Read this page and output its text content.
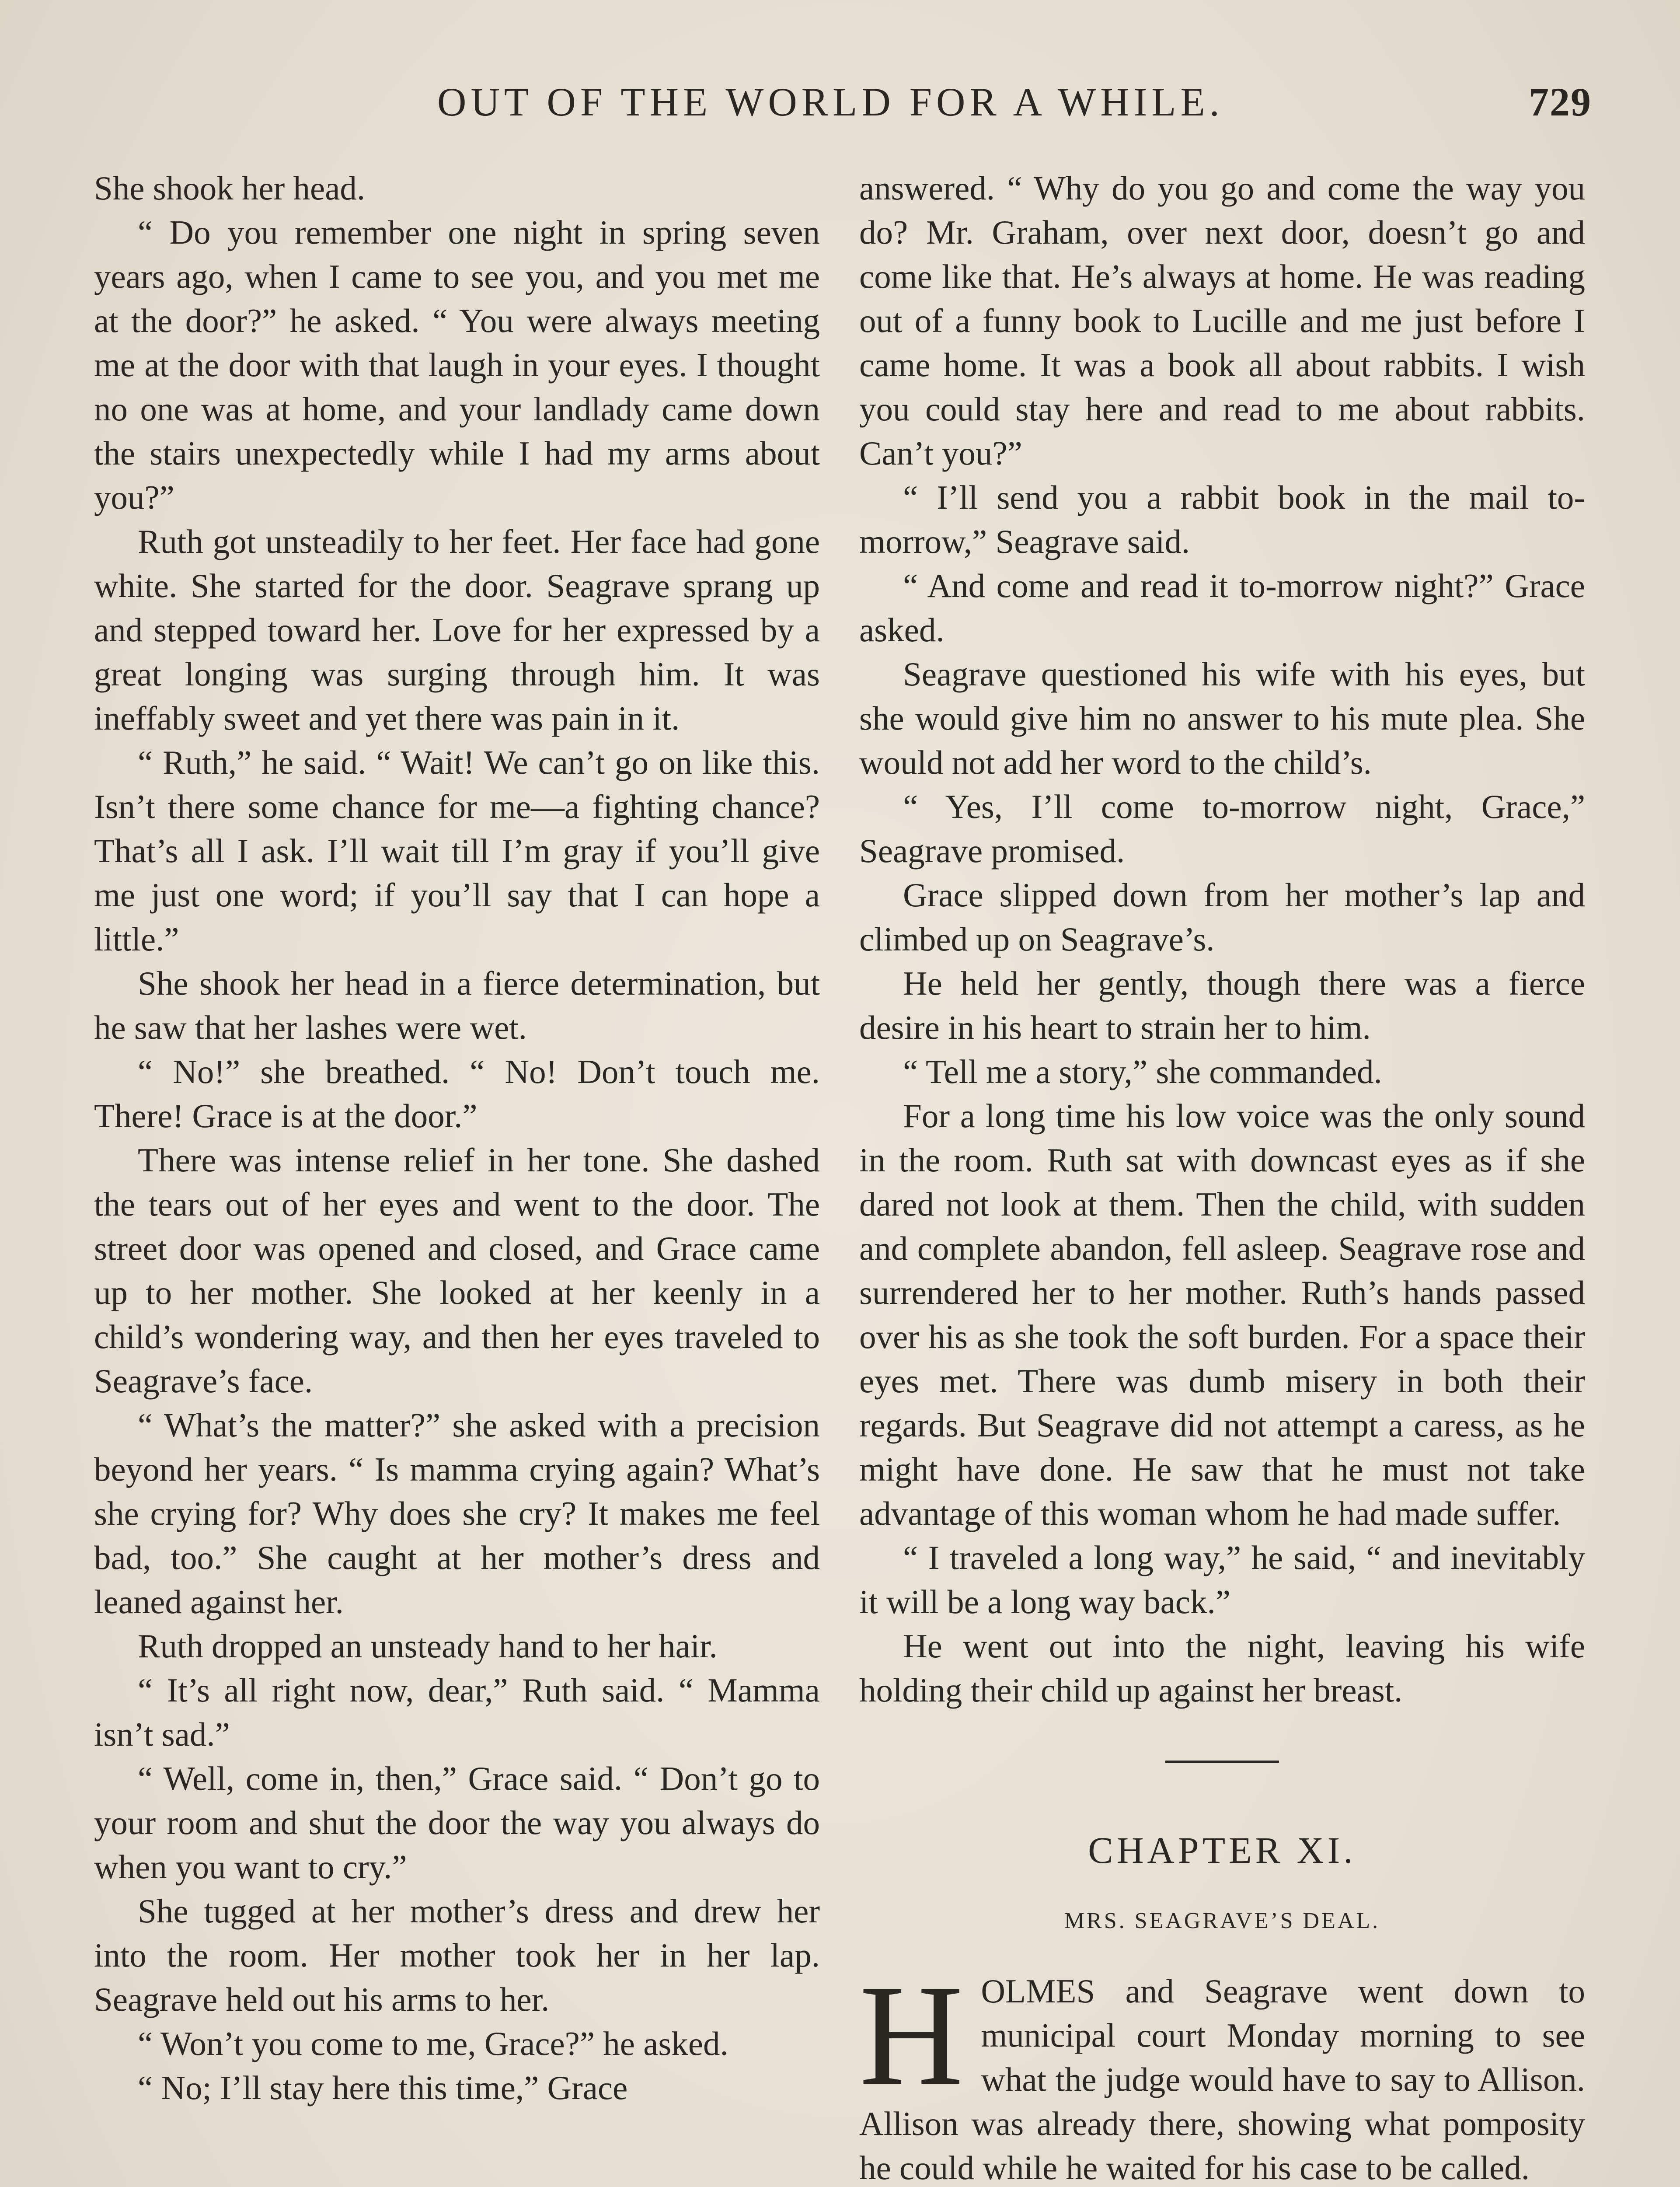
OUT OF THE WORLD FOR A WHILE.	729

She shook her head.

“ Do you remember one night in spring seven years ago, when I came to see you, and you met me at the door?” he asked. “ You were always meeting me at the door with that laugh in your eyes. I thought no one was at home, and your landlady came down the stairs unexpectedly while I had my arms about you?”

Ruth got unsteadily to her feet. Her face had gone white. She started for the door. Seagrave sprang up and stepped toward her. Love for her expressed by a great longing was surging through him. It was ineffably sweet and yet there was pain in it.

“ Ruth,” he said. “ Wait! We can’t go on like this. Isn’t there some chance for me—a fighting chance? That’s all I ask. I’ll wait till I’m gray if you’ll give me just one word; if you’ll say that I can hope a little.”

She shook her head in a fierce determination, but he saw that her lashes were wet.

“ No!” she breathed. “ No! Don’t touch me. There! Grace is at the door.”

There was intense relief in her tone. She dashed the tears out of her eyes and went to the door. The street door was opened and closed, and Grace came up to her mother. She looked at her keenly in a child’s wondering way, and then her eyes traveled to Seagrave’s face.

“ What’s the matter?” she asked with a precision beyond her years. “ Is mamma crying again? What’s she crying for? Why does she cry? It makes me feel bad, too.” She caught at her mother’s dress and leaned against her.

Ruth dropped an unsteady hand to her hair.

“ It’s all right now, dear,” Ruth said. “ Mamma isn’t sad.”

“ Well, come in, then,” Grace said. “ Don’t go to your room and shut the door the way you always do when you want to cry.”

She tugged at her mother’s dress and drew her into the room. Her mother took her in her lap. Seagrave held out his arms to her.

“ Won’t you come to me, Grace?” he asked.

“ No; I’ll stay here this time,” Grace

answered. “ Why do you go and come the way you do? Mr. Graham, over next door, doesn’t go and come like that. He’s always at home. He was reading out of a funny book to Lucille and me just before I came home. It was a book all about rabbits. I wish you could stay here and read to me about rabbits. Can’t you?”

“ I’ll send you a rabbit book in the mail to-morrow,” Seagrave said.

“ And come and read it to-morrow night?” Grace asked.

Seagrave questioned his wife with his eyes, but she would give him no answer to his mute plea. She would not add her word to the child’s.

“ Yes, I’ll come to-morrow night, Grace,” Seagrave promised.

Grace slipped down from her mother’s lap and climbed up on Seagrave’s.

He held her gently, though there was a fierce desire in his heart to strain her to him.

“ Tell me a story,” she commanded.

For a long time his low voice was the only sound in the room. Ruth sat with downcast eyes as if she dared not look at them. Then the child, with sudden and complete abandon, fell asleep. Seagrave rose and surrendered her to her mother. Ruth’s hands passed over his as she took the soft burden. For a space their eyes met. There was dumb misery in both their regards. But Seagrave did not attempt a caress, as he might have done. He saw that he must not take advantage of this woman whom he had made suffer.

“ I traveled a long way,” he said, “ and inevitably it will be a long way back.”

He went out into the night, leaving his wife holding their child up against her breast.

CHAPTER XI.
MRS. SEAGRAVE’S DEAL.

HOLMES and Seagrave went down to municipal court Monday morning to see what the judge would have to say to Allison. Allison was already there, showing what pomposity he could while he waited for his case to be called.
